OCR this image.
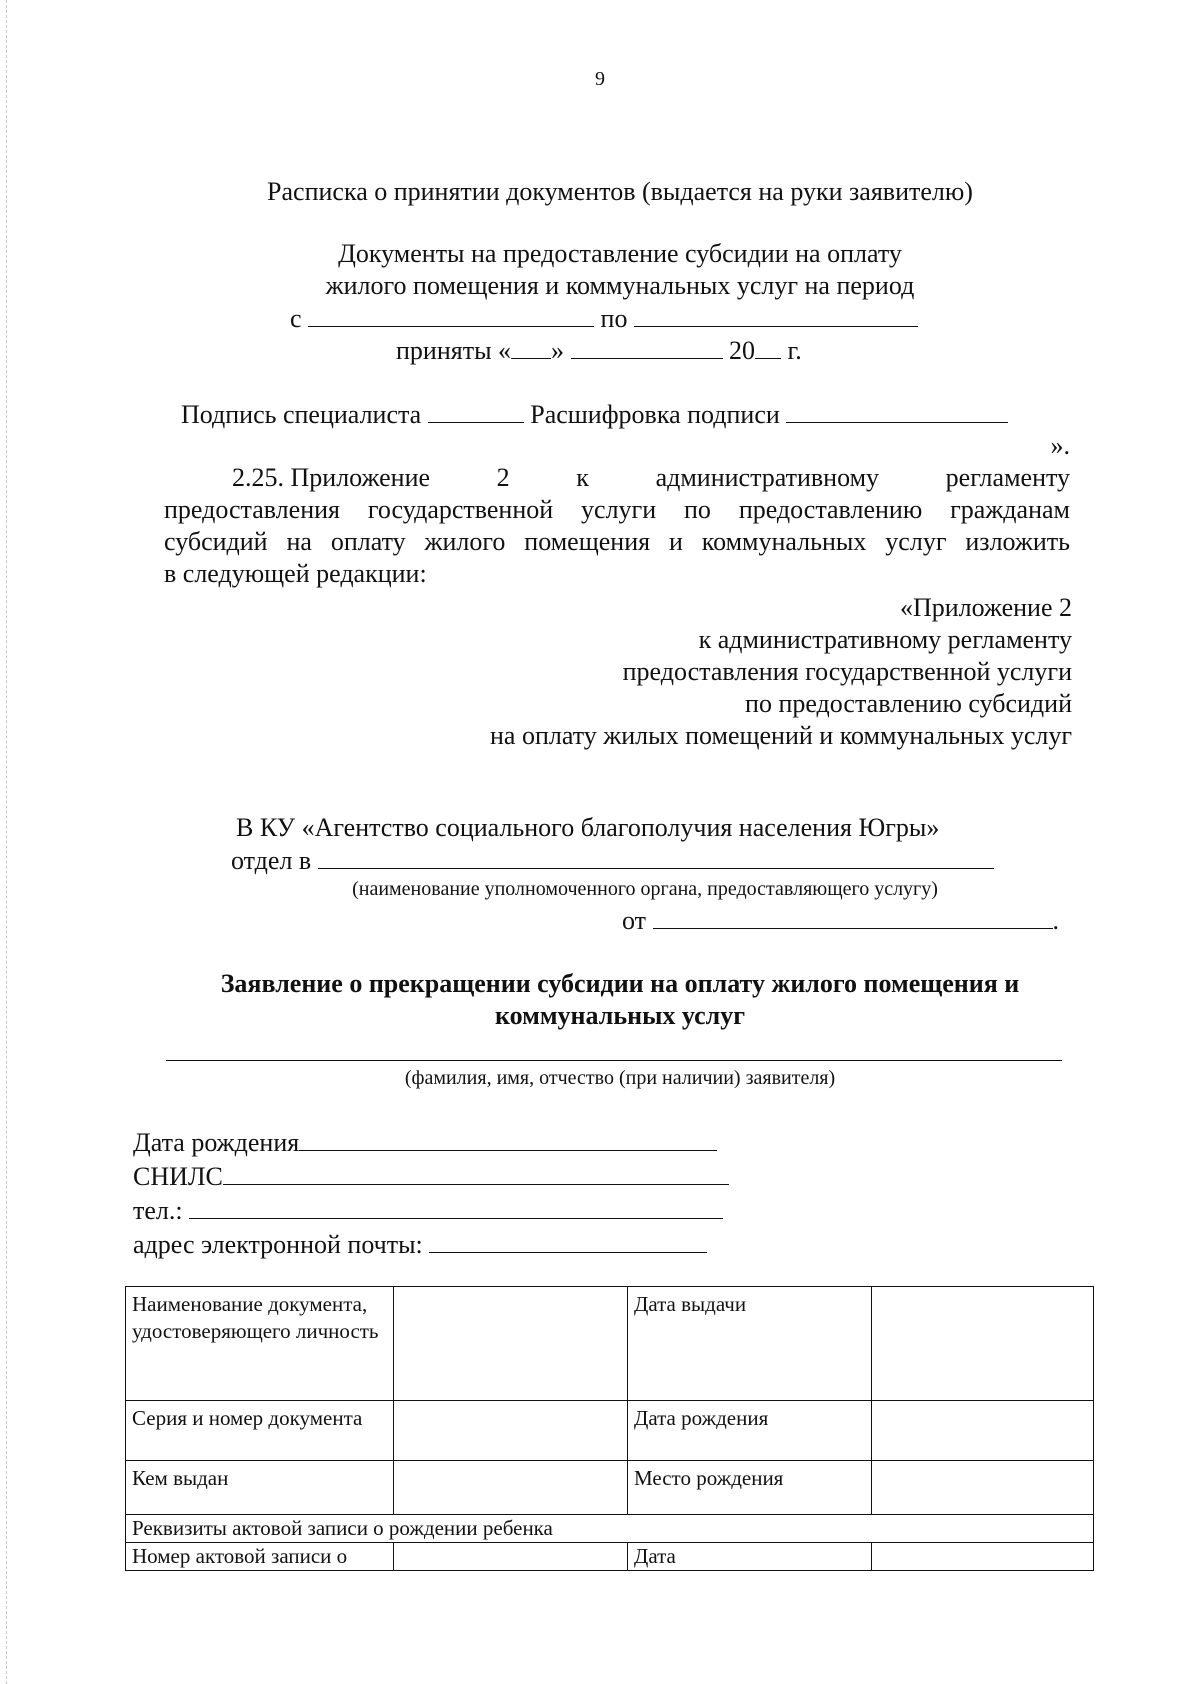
9
Расписка о принятии документов (выдается на руки заявителю)
Документы на предоставление субсидии на оплату
жилого помещения и коммунальных услуг на период
с	по
приняты « »	20 г.
Подпись специалиста	Расшифровка подписи
».
2.25. Приложение	2	к	административному	регламенту
предоставления государственной услуги по предоставлению гражданам
субсидий на оплату жилого помещения и коммунальных услуг изложить
в следующей редакции:
«Приложение 2
к административному регламенту
предоставления государственной услуги
по предоставлению субсидий
на оплату жилых помещений и коммунальных услуг
В КУ «Агентство социального благополучия населения Югры»
отдел в
(наименование уполномоченного органа, предоставляющего услугу)
от	.
Заявление о прекращении субсидии на оплату жилого помещения и
коммунальных услуг
(фамилия, имя, отчество (при наличии) заявителя)
Дата рождения
СНИЛС
тел.:
адрес электронной почты:
Наименование документа, удостоверяющего личность		Дата выдачи	
Серия и номер документа		Дата рождения	
Кем выдан		Место рождения	
Реквизиты актовой записи о рождении ребенка			
Номер актовой записи о		Дата	
